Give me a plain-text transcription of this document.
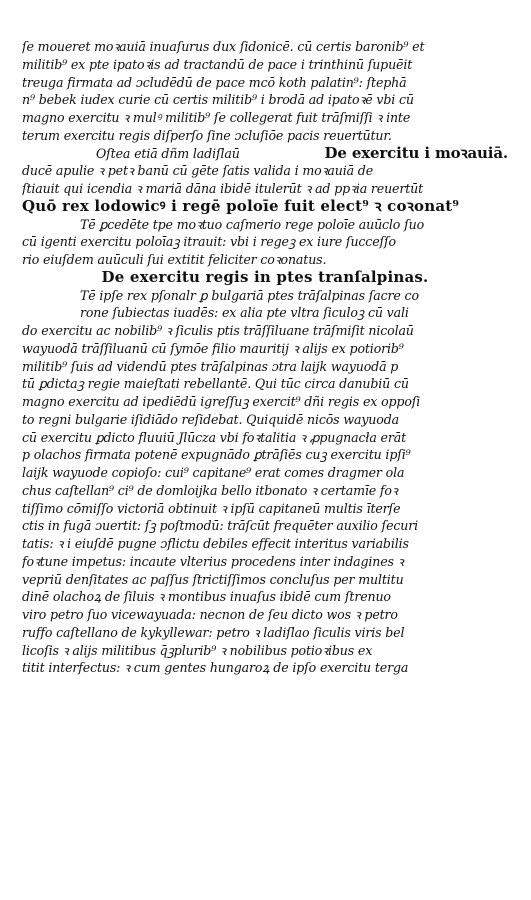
ſe moueret moꝛauiā inuaſurus dux ſidonicē. cū certis baronib⁹ et
militib⁹ ex pte ipatoꝛis ad tractandū de pace i trinthinū ſupuēit
treuga firmata ad ɔcludēdū de pace mcō koth palatin⁹: ſtephā
n⁹ bebek iudex curie cū certis militib⁹ i brodā ad ipatoꝛē vbi cū
magno exercitu ꝛ mulꝰ militib⁹ ſe collegerat fuit trāſmiſſi ꝛ inte
terum exercitu regis diſperſo ſine ɔcluſiōe pacis reuertūtur.
Oſtea etiā dñm ladiſlaū	De exercitu i moꝛauiā.
ducē apulie ꝛ petꝛ banū cū gēte ſatis valida i moꝛauiā de
ſtiauit qui icendia ꝛ mariā dāna ibidē itulerūt ꝛ ad ppꝛia reuertūt
Quō rex lodowicꝰ i regē poloīe fuit elect⁹ ꝛ coꝛonat⁹
Tē ꝑcedēte tpe moꝛtuo caſmerio rege poloīe auūclo ſuo
cū igenti exercitu poloīaꝫ itrauit: vbi i regeꝫ ex iure ſucceſſo
rio eiuſdem auūculi ſui extitit feliciter coꝛonatus.
De exercitu regis in ptes tranſalpinas.
Tē ipſe rex pſonalr ꝑ bulgariā ptes trāſalpinas ſacre co
rone ſubiectas iuadēs: ex alia pte vltra ſiculoꝫ cū vali
do exercitu ac nobilib⁹ ꝛ ſiculis ptis trāſſiluane trāſmiſit nicolaū
wayuodā trāſſiluanū cū ſymōe filio mauritij ꝛ alijs ex potiorib⁹
militib⁹ ſuis ad videndū ptes trāſalpinas ɔtra laijk wayuodā p
tū ꝑdictaꝫ regie maieſtati rebellantē. Qui tūc circa danubiū cū
magno exercitu ad ipediēdū igreſſuꝫ exercit⁹ dñi regis ex oppoſi
to regni bulgarie iſidiādo reſidebat. Quiquidē nicōs wayuoda
cū exercitu ꝑdicto fluuiū Jlūcza vbi foꝛtalitia ꝛ ꝓpugnacła erāt
p olachos firmata potenē expugnādo ꝑtrāſiēs cuꝫ exercitu ipſi⁹
laijk wayuode copioſo: cui⁹ capitane⁹ erat comes dragmer ola
chus caſtellan⁹ ci⁹ de domloijka bello itbonato ꝛ certamīe foꝛ
tiſſimo cōmiſſo victoriā obtinuit ꝛ ipſū capitaneū multis īterſe
ctis in fugā ɔuertit: ſꝫ poſtmodū: trāſcūt frequēter auxilio ſecuri
tatis: ꝛ i eiuſdē pugne ɔflictu debiles effecit interitus variabilis
foꝛtune impetus: incaute vlterius procedens inter indagines ꝛ
vepriū denſitates ac paſſus ſtrictiſſimos concluſus per multitu
dinē olachoꝝ de ſiluis ꝛ montibus inuaſus ibidē cum ſtrenuo
viro petro ſuo vicewayuada: necnon de ſeu dicto wos ꝛ petro
ruffo caſtellano de kykyllewar: petro ꝛ ladiſlao ſiculis viris bel
licoſis ꝛ alijs militibus q̄ꝫplurib⁹ ꝛ nobilibus potioꝛibus ex
titit interfectus: ꝛ cum gentes hungaroꝝ de ipſo exercitu terga
